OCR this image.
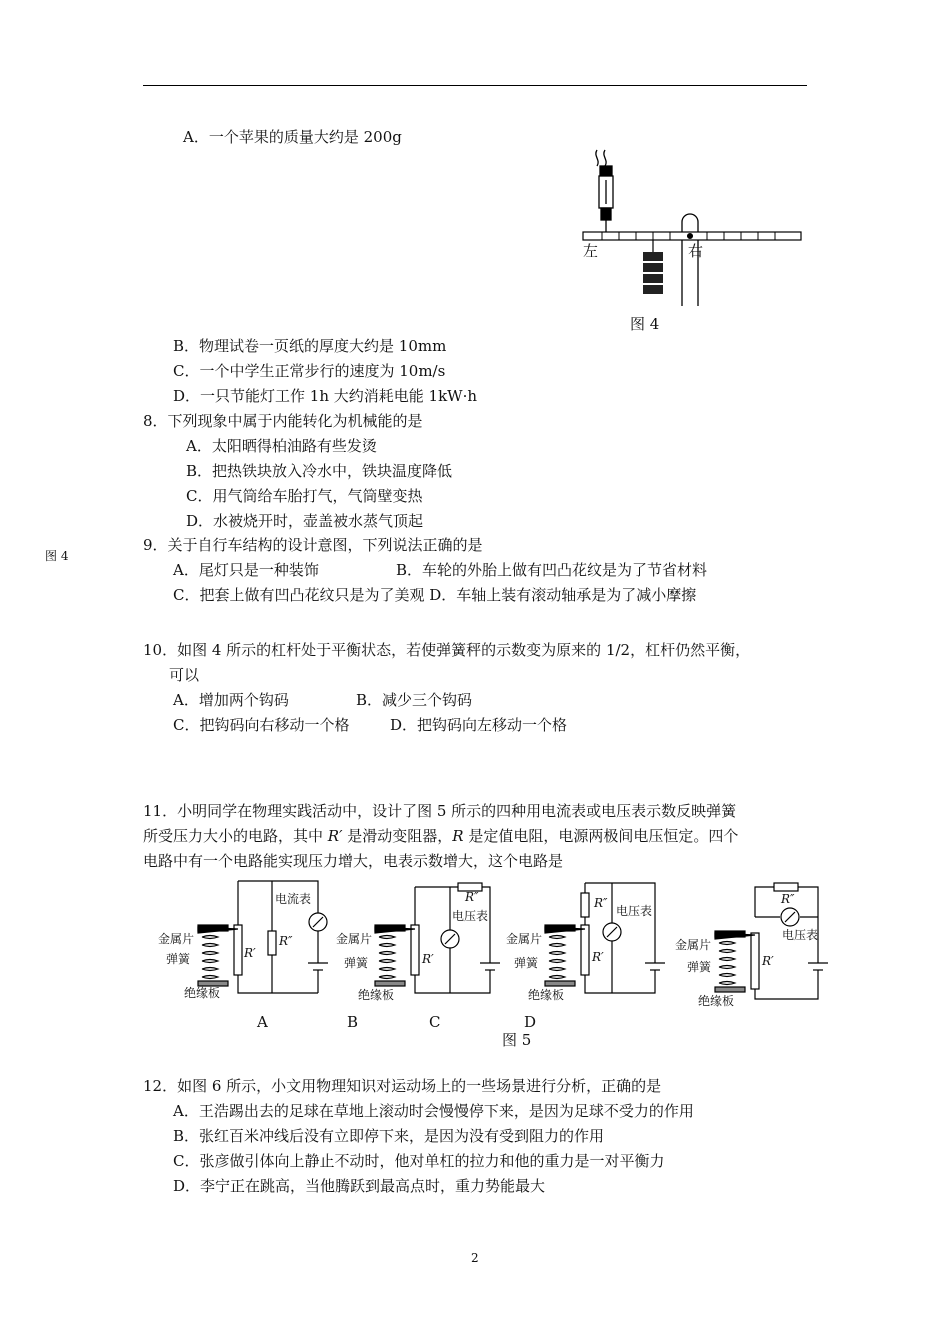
A．一个苹果的质量大约是 200g
B．物理试卷一页纸的厚度大约是 10mm
C．一个中学生正常步行的速度为 10m/s
D．一只节能灯工作 1h 大约消耗电能 1kW·h
左	右
图 4
8．下列现象中属于内能转化为机械能的是
A．太阳晒得柏油路有些发烫
B．把热铁块放入冷水中，铁块温度降低
C．用气筒给车胎打气，气筒壁变热
D．水被烧开时，壶盖被水蒸气顶起
图 4
9．关于自行车结构的设计意图，下列说法正确的是
A．尾灯只是一种装饰	B．车轮的外胎上做有凹凸花纹是为了节省材料
C．把套上做有凹凸花纹只是为了美观 D．车轴上装有滚动轴承是为了减小摩擦
10．如图 4 所示的杠杆处于平衡状态，若使弹簧秤的示数变为原来的 1/2，杠杆仍然平衡，
可以
A．增加两个钩码	B．减少三个钩码
C．把钩码向右移动一个格	D．把钩码向左移动一个格
11．小明同学在物理实践活动中，设计了图 5 所示的四种用电流表或电压表示数反映弹簧
所受压力大小的电路，其中 R′ 是滑动变阻器，R 是定值电阻，电源两极间电压恒定。四个
电路中有一个电路能实现压力增大，电表示数增大，这个电路是
金属片
弹簧
绝缘板
电流表
R′
R″	金属片
弹簧
绝缘板
电压表
R′
R″
金属片
弹簧
绝缘板
电压表
R′
R″
金属片
弹簧
绝缘板
电压表
R′
R″
A	B	C	D
图 5
12．如图 6 所示，小文用物理知识对运动场上的一些场景进行分析，正确的是
A．王浩踢出去的足球在草地上滚动时会慢慢停下来，是因为足球不受力的作用
B．张红百米冲线后没有立即停下来，是因为没有受到阻力的作用
C．张彦做引体向上静止不动时，他对单杠的拉力和他的重力是一对平衡力
D．李宁正在跳高，当他腾跃到最高点时，重力势能最大
2
